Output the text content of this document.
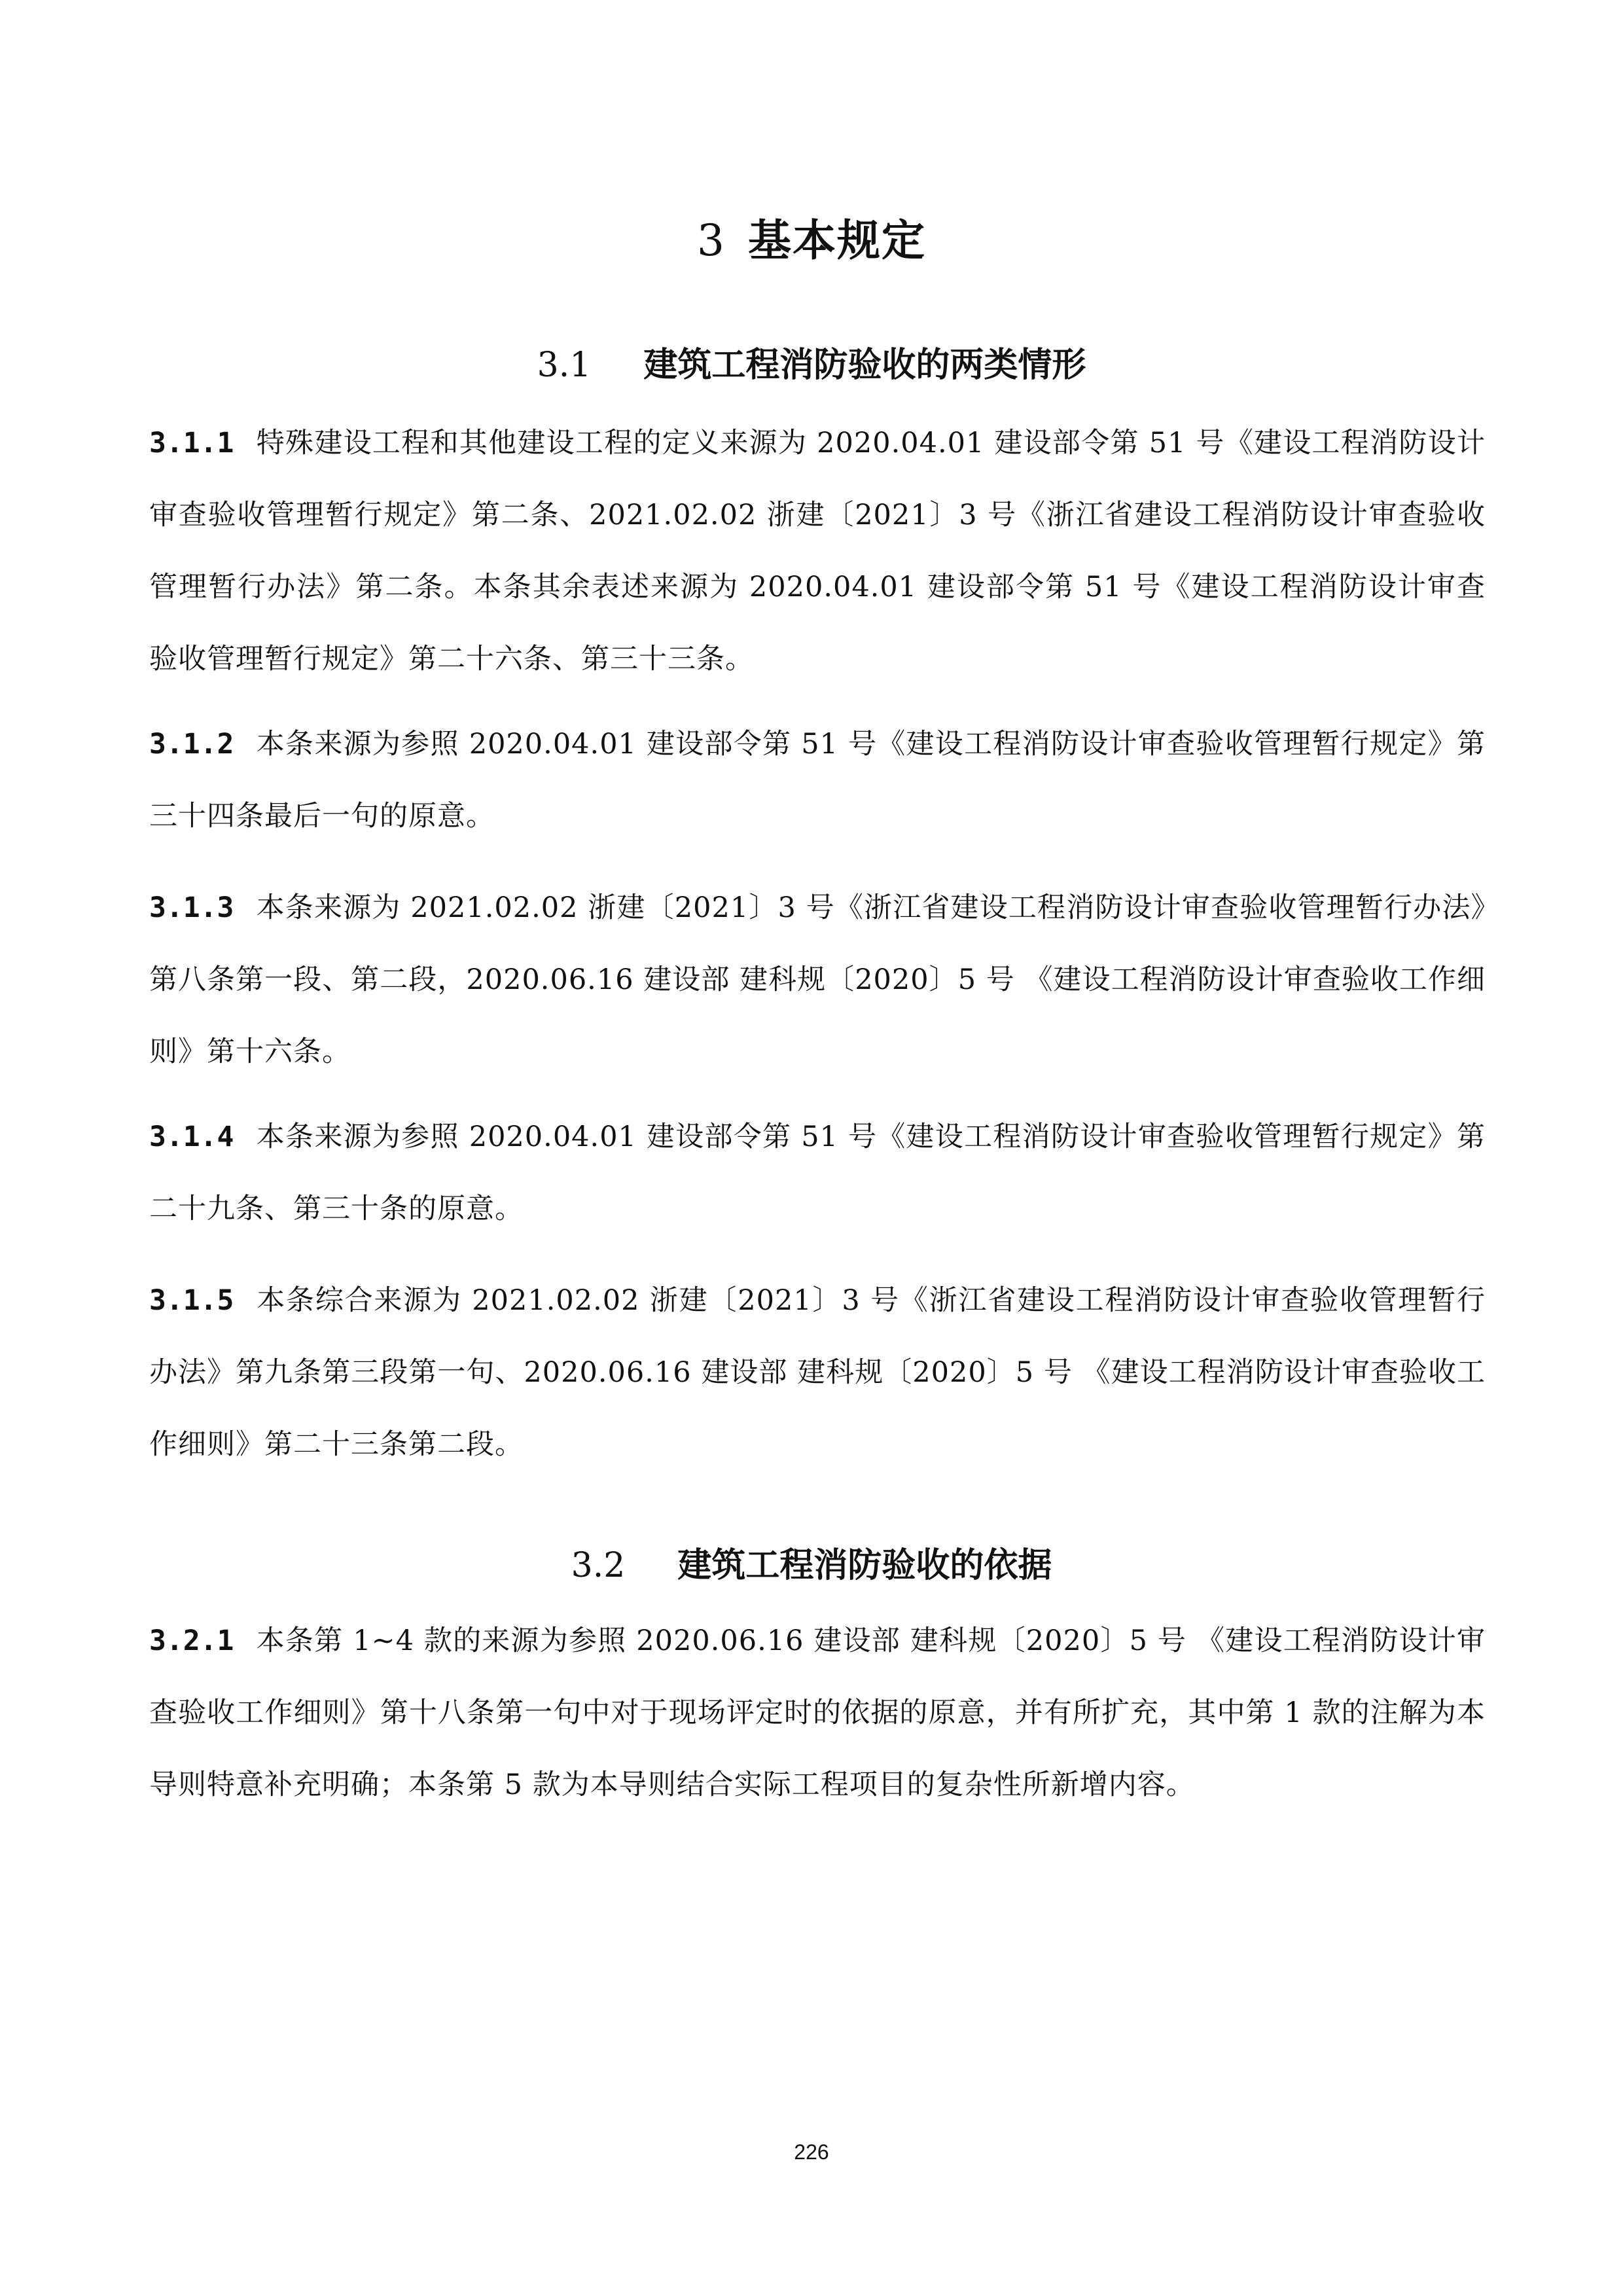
3 基本规定
3.1 建筑工程消防验收的两类情形

3.1.1 特殊建设工程和其他建设工程的定义来源为 2020.04.01 建设部令第 51 号《建设工程消防设计审查验收管理暂行规定》第二条、2021.02.02 浙建〔2021〕3 号《浙江省建设工程消防设计审查验收管理暂行办法》第二条。本条其余表述来源为 2020.04.01 建设部令第 51 号《建设工程消防设计审查验收管理暂行规定》第二十六条、第三十三条。

3.1.2 本条来源为参照 2020.04.01 建设部令第 51 号《建设工程消防设计审查验收管理暂行规定》第三十四条最后一句的原意。

3.1.3 本条来源为 2021.02.02 浙建〔2021〕3 号《浙江省建设工程消防设计审查验收管理暂行办法》第八条第一段、第二段，2020.06.16 建设部 建科规〔2020〕5 号 《建设工程消防设计审查验收工作细则》第十六条。

3.1.4 本条来源为参照 2020.04.01 建设部令第 51 号《建设工程消防设计审查验收管理暂行规定》第二十九条、第三十条的原意。

3.1.5 本条综合来源为 2021.02.02 浙建〔2021〕3 号《浙江省建设工程消防设计审查验收管理暂行办法》第九条第三段第一句、2020.06.16 建设部 建科规〔2020〕5 号 《建设工程消防设计审查验收工作细则》第二十三条第二段。

3.2 建筑工程消防验收的依据

3.2.1 本条第 1~4 款的来源为参照 2020.06.16 建设部 建科规〔2020〕5 号 《建设工程消防设计审查验收工作细则》第十八条第一句中对于现场评定时的依据的原意，并有所扩充，其中第 1 款的注解为本导则特意补充明确；本条第 5 款为本导则结合实际工程项目的复杂性所新增内容。

226
